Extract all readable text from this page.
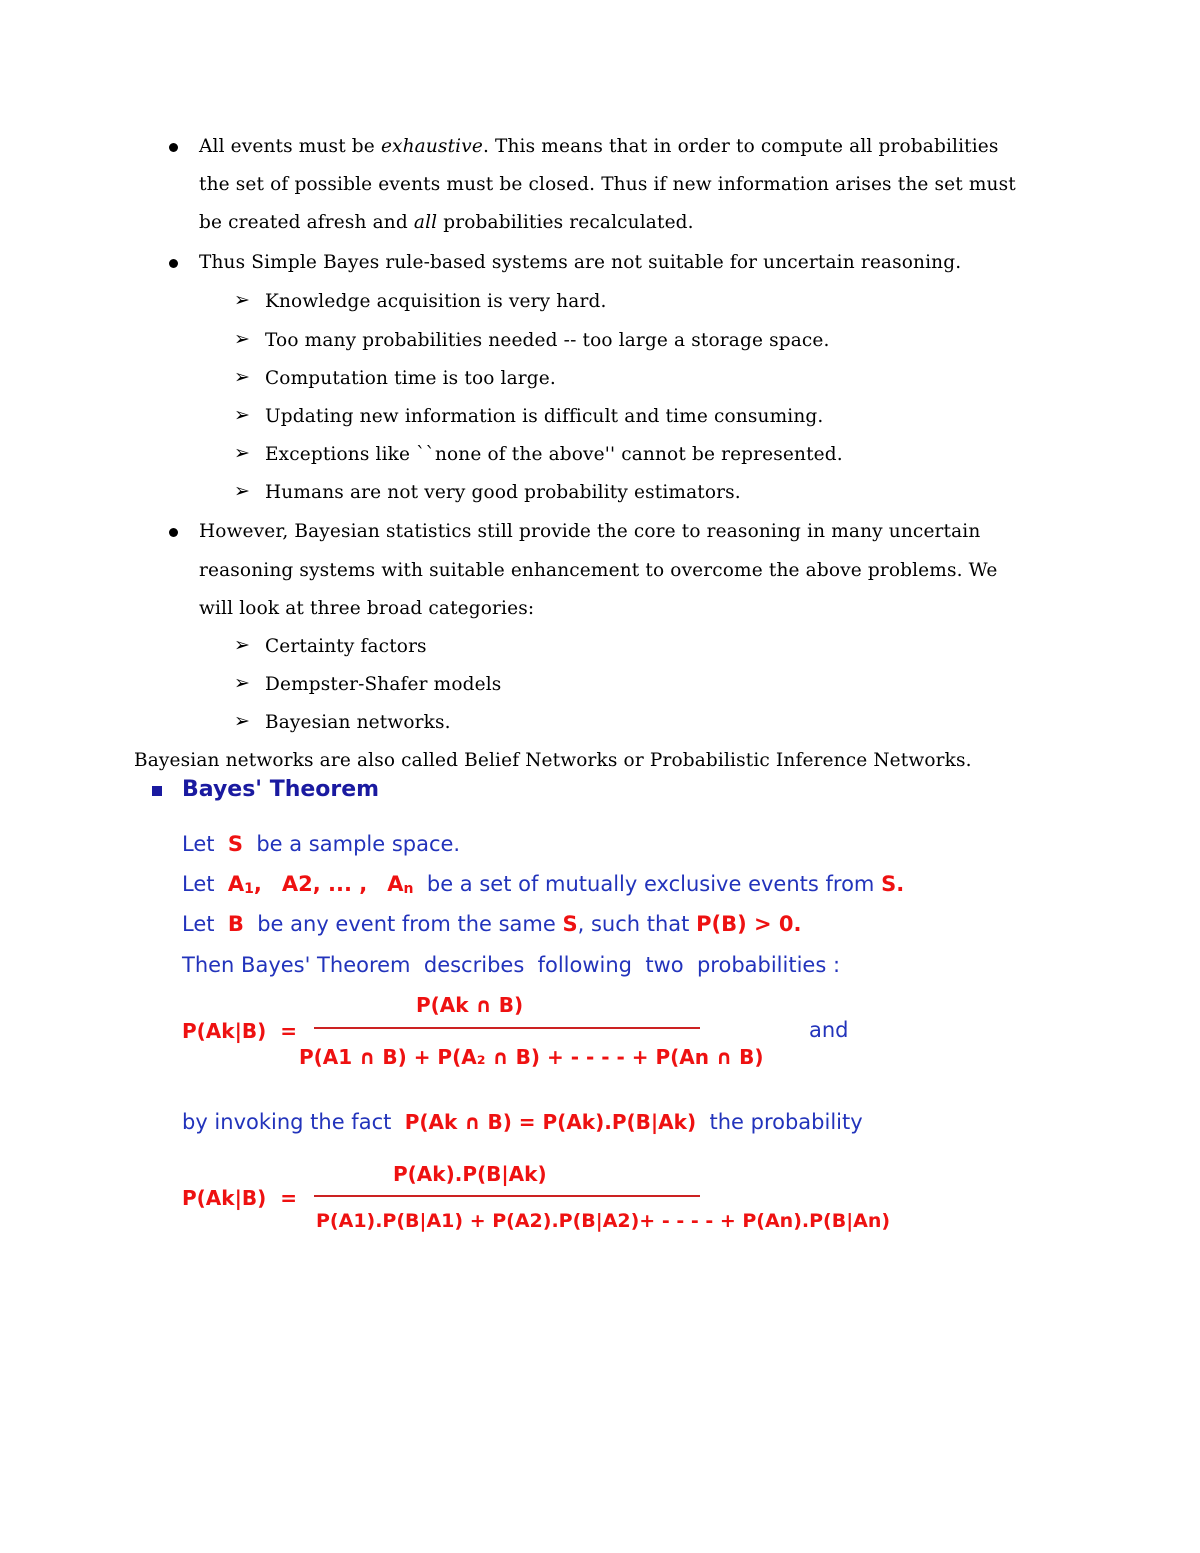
All events must be exhaustive. This means that in order to compute all probabilities
the set of possible events must be closed. Thus if new information arises the set must
be created afresh and all probabilities recalculated.
Thus Simple Bayes rule-based systems are not suitable for uncertain reasoning.
➢ Knowledge acquisition is very hard.
➢ Too many probabilities needed -- too large a storage space.
➢ Computation time is too large.
➢ Updating new information is difficult and time consuming.
➢ Exceptions like ``none of the above'' cannot be represented.
➢ Humans are not very good probability estimators.
However, Bayesian statistics still provide the core to reasoning in many uncertain
reasoning systems with suitable enhancement to overcome the above problems. We
will look at three broad categories:
➢ Certainty factors
➢ Dempster-Shafer models
➢ Bayesian networks.
Bayesian networks are also called Belief Networks or Probabilistic Inference Networks.
Bayes' Theorem
Let S be a sample space.
Let $A_1$, A2, ... , $A_n$ be a set of mutually exclusive events from S.
Let B be any event from the same S, such that P(B) > 0.
Then Bayes' Theorem  describes  following  two  probabilities :
P(Ak ∩ B)
P(Ak|B)  =
P(A1 ∩ B) + P(A₂ ∩ B) + - - - - + P(An ∩ B)
and
by invoking the fact P(Ak ∩ B) = P(Ak).P(B|Ak) the probability
P(Ak).P(B|Ak)
P(Ak|B)  =
P(A1).P(B|A1) + P(A2).P(B|A2)+ - - - - + P(An).P(B|An)
